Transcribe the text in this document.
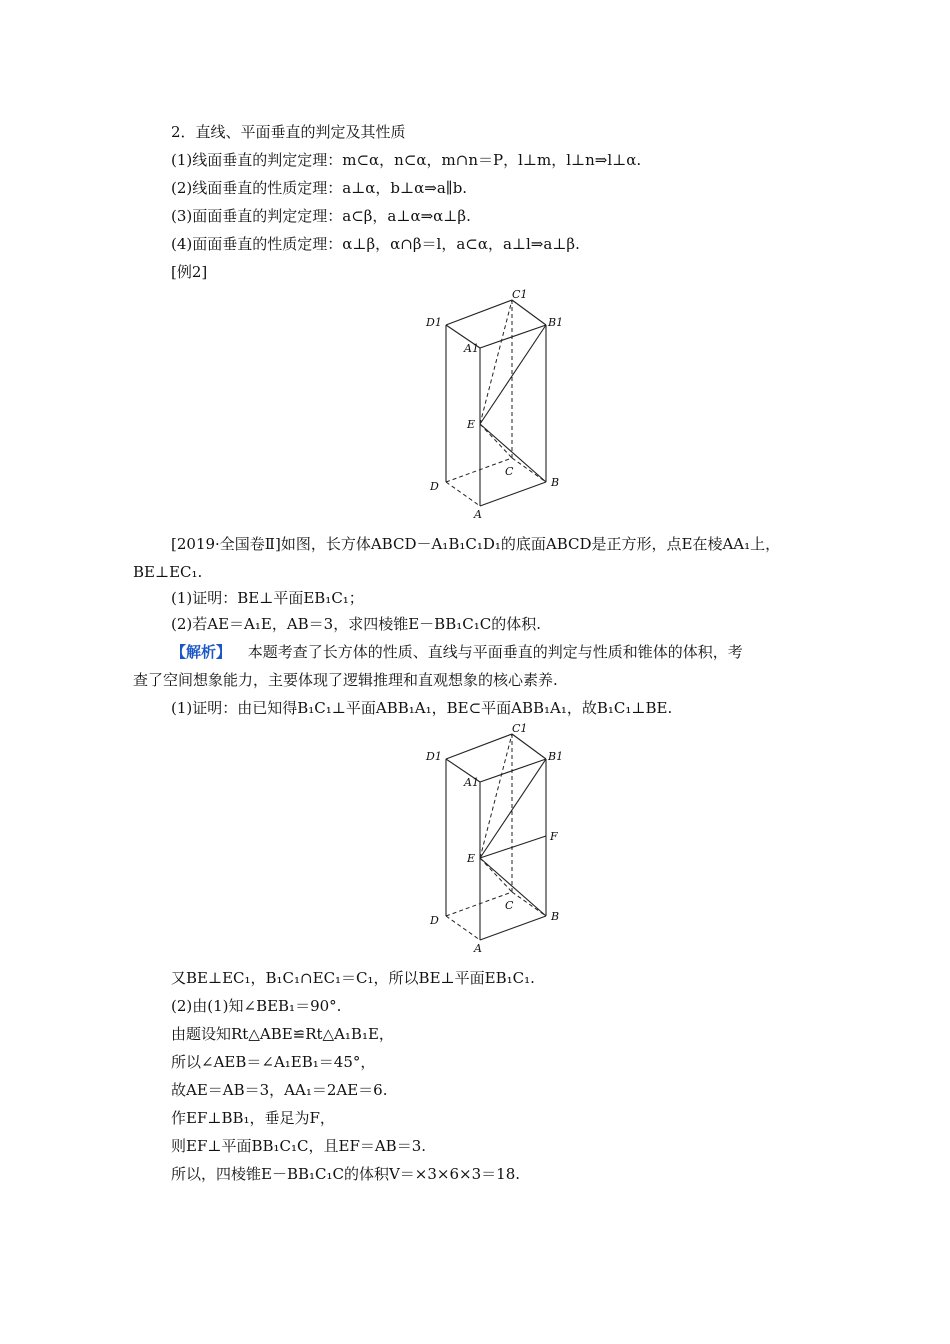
2．直线、平面垂直的判定及其性质
(1)线面垂直的判定定理：m⊂α，n⊂α，m∩n＝P，l⊥m，l⊥n⇒l⊥α.
(2)线面垂直的性质定理：a⊥α，b⊥α⇒a∥b.
(3)面面垂直的判定定理：a⊂β，a⊥α⇒α⊥β.
(4)面面垂直的性质定理：α⊥β，α∩β＝l，a⊂α，a⊥l⇒a⊥β.
[例2]
D1
C1
B1
A1
E
C
D	B
A
[2019·全国卷Ⅱ]如图，长方体ABCD－A₁B₁C₁D₁的底面ABCD是正方形，点E在棱AA₁上，
BE⊥EC₁.
(1)证明：BE⊥平面EB₁C₁；
(2)若AE＝A₁E，AB＝3，求四棱锥E－BB₁C₁C的体积.
【解析】 本题考查了长方体的性质、直线与平面垂直的判定与性质和锥体的体积，考
查了空间想象能力，主要体现了逻辑推理和直观想象的核心素养.
(1)证明：由已知得B₁C₁⊥平面ABB₁A₁，BE⊂平面ABB₁A₁，故B₁C₁⊥BE.
D1
C1
B1
A1
F
E
C
D	B
A
又BE⊥EC₁，B₁C₁∩EC₁＝C₁，所以BE⊥平面EB₁C₁.
(2)由(1)知∠BEB₁＝90°.
由题设知Rt△ABE≌Rt△A₁B₁E，
所以∠AEB＝∠A₁EB₁＝45°，
故AE＝AB＝3，AA₁＝2AE＝6.
作EF⊥BB₁，垂足为F，
则EF⊥平面BB₁C₁C，且EF＝AB＝3.
所以，四棱锥E－BB₁C₁C的体积V＝×3×6×3＝18.
